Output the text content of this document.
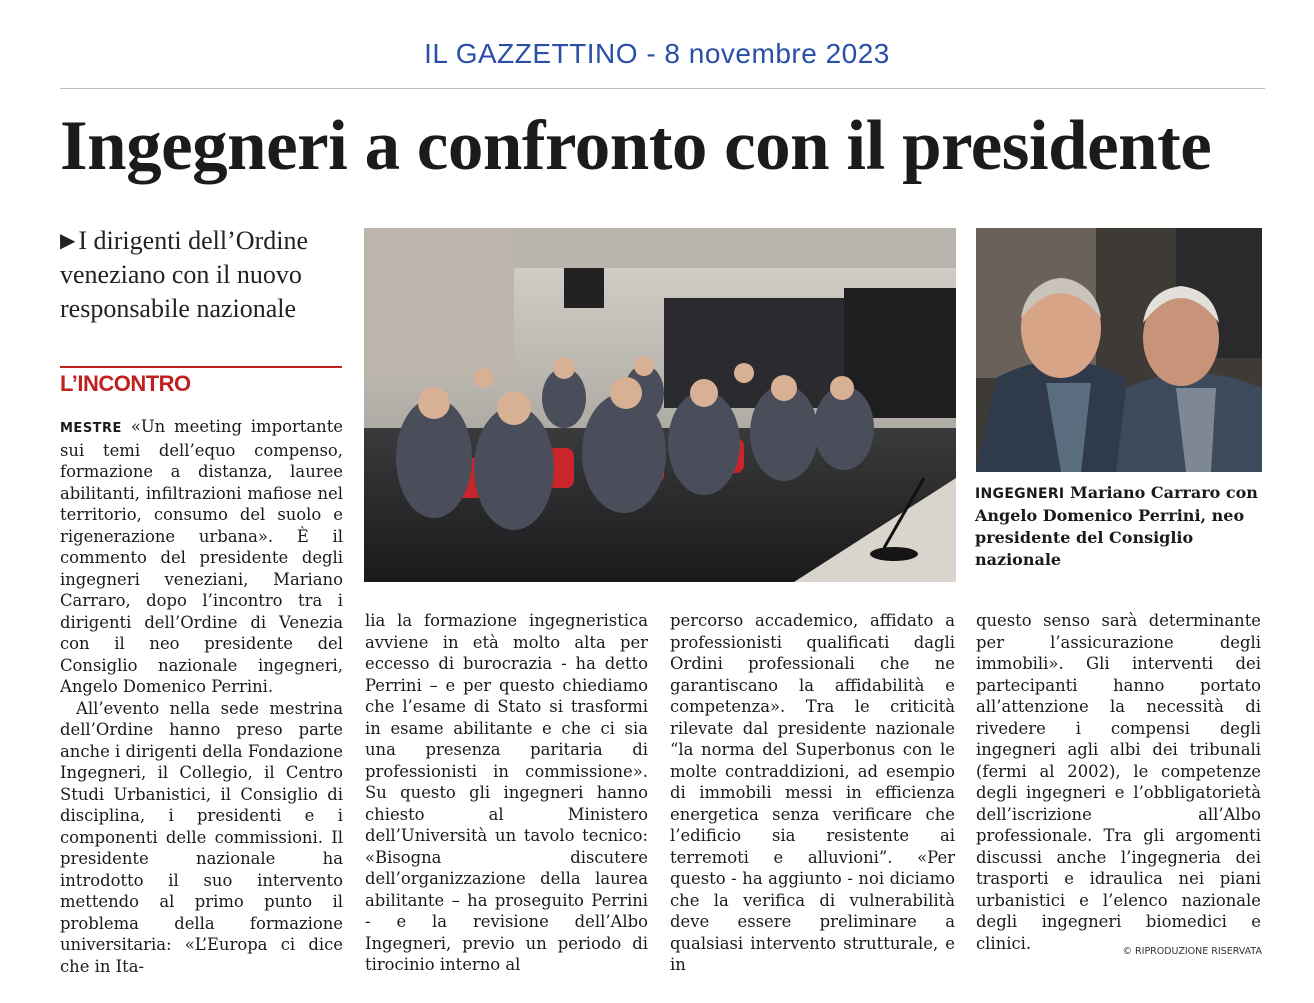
IL GAZZETTINO - 8 novembre 2023
Ingegneri a confronto con il presidente
▶ I dirigenti dell’Ordine veneziano con il nuovo responsabile nazionale
L’INCONTRO

MESTRE «Un meeting importante sui temi dell’equo compenso, formazione a distanza, lauree abilitanti, infiltrazioni mafiose nel territorio, consumo del suolo e rigenerazione urbana». È il commento del presidente degli ingegneri veneziani, Mariano Carraro, dopo l’incontro tra i dirigenti dell’Ordine di Venezia con il neo presidente del Consiglio nazionale ingegneri, Angelo Domenico Perrini.

All’evento nella sede mestrina dell’Ordine hanno preso parte anche i dirigenti della Fondazione Ingegneri, il Collegio, il Centro Studi Urbanistici, il Consiglio di disciplina, i presidenti e i componenti delle commissioni. Il presidente nazionale ha introdotto il suo intervento mettendo al primo punto il problema della formazione universitaria: «L’Europa ci dice che in Ita-

INGEGNERI Mariano Carraro con Angelo Domenico Perrini, neo presidente del Consiglio nazionale

lia la formazione ingegneristica avviene in età molto alta per eccesso di burocrazia - ha detto Perrini – e per questo chiediamo che l’esame di Stato si trasformi in esame abilitante e che ci sia una presenza paritaria di professionisti in commissione». Su questo gli ingegneri hanno chiesto al Ministero dell’Università un tavolo tecnico: «Bisogna discutere dell’organizzazione della laurea abilitante – ha proseguito Perrini - e la revisione dell’Albo Ingegneri, previo un periodo di tirocinio interno al

percorso accademico, affidato a professionisti qualificati dagli Ordini professionali che ne garantiscano la affidabilità e competenza». Tra le criticità rilevate dal presidente nazionale “la norma del Superbonus con le molte contraddizioni, ad esempio di immobili messi in efficienza energetica senza verificare che l’edificio sia resistente ai terremoti e alluvioni”. «Per questo - ha aggiunto - noi diciamo che la verifica di vulnerabilità deve essere preliminare a qualsiasi intervento strutturale, e in

questo senso sarà determinante per l’assicurazione degli immobili». Gli interventi dei partecipanti hanno portato all’attenzione la necessità di rivedere i compensi degli ingegneri agli albi dei tribunali (fermi al 2002), le competenze degli ingegneri e l’obbligatorietà dell’iscrizione all’Albo professionale. Tra gli argomenti discussi anche l’ingegneria dei trasporti e idraulica nei piani urbanistici e l’elenco nazionale degli ingegneri biomedici e clinici.	© RIPRODUZIONE RISERVATA
